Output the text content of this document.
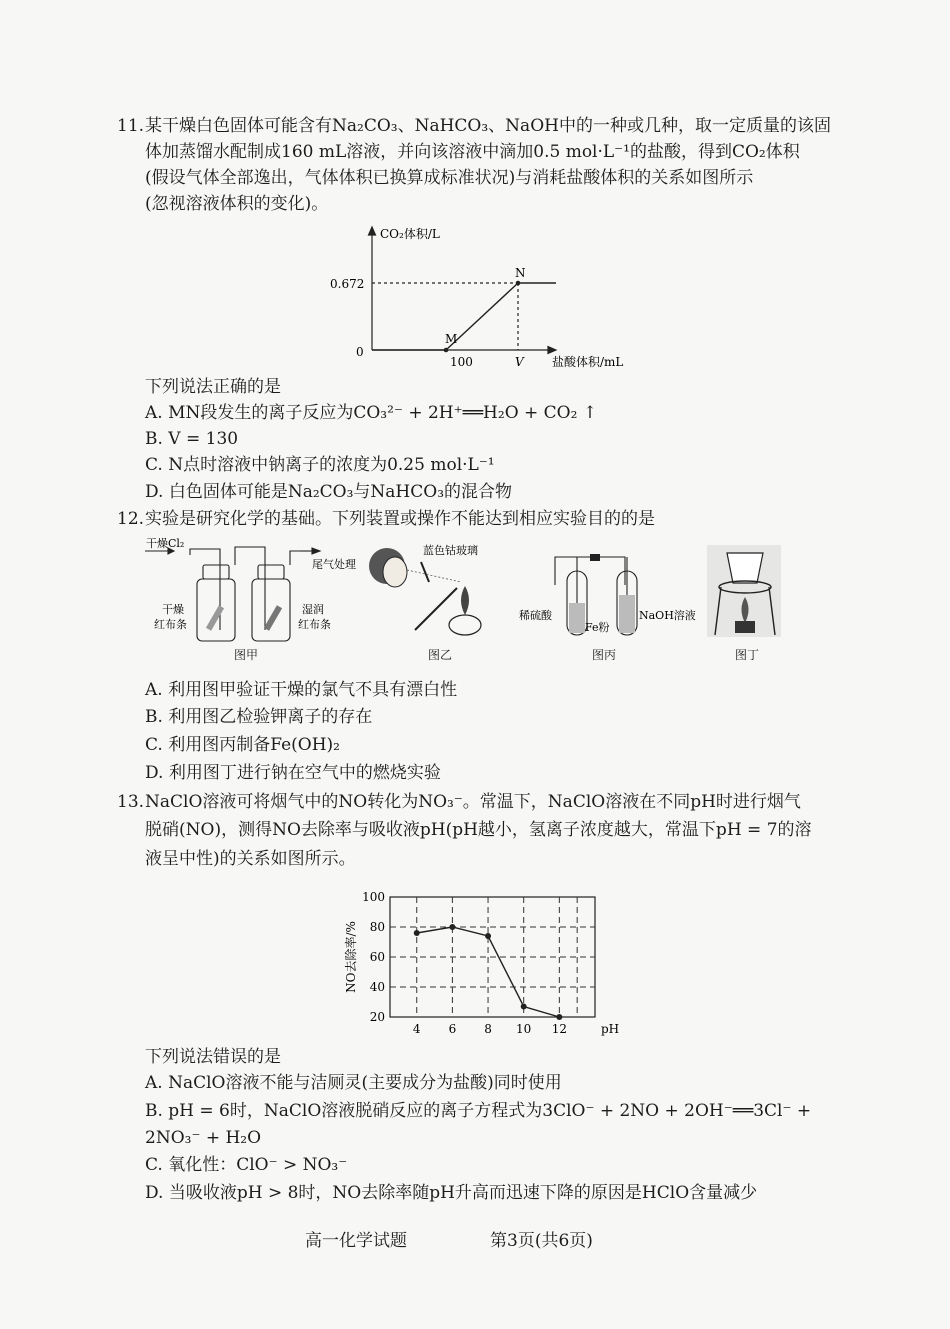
11. 某干燥白色固体可能含有Na₂CO₃、NaHCO₃、NaOH中的一种或几种，取一定质量的该固
体加蒸馏水配制成160 mL溶液，并向该溶液中滴加0.5 mol·L⁻¹的盐酸，得到CO₂体积
(假设气体全部逸出，气体体积已换算成标准状况)与消耗盐酸体积的关系如图所示
(忽视溶液体积的变化)。
CO₂体积/L
0.672
0
100	V 盐酸体积/mL
M
N
下列说法正确的是
A. MN段发生的离子反应为CO₃²⁻ + 2H⁺══H₂O + CO₂ ↑
B. V = 130
C. N点时溶液中钠离子的浓度为0.25 mol·L⁻¹
D. 白色固体可能是Na₂CO₃与NaHCO₃的混合物
12. 实验是研究化学的基础。下列装置或操作不能达到相应实验目的的是
干燥Cl₂
尾气处理
干燥
红布条
湿润
红布条
图甲
蓝色钴玻璃
图乙
稀硫酸
Fe粉
NaOH溶液
图丙	图丁
A. 利用图甲验证干燥的氯气不具有漂白性
B. 利用图乙检验钾离子的存在
C. 利用图丙制备Fe(OH)₂
D. 利用图丁进行钠在空气中的燃烧实验
13. NaClO溶液可将烟气中的NO转化为NO₃⁻。常温下，NaClO溶液在不同pH时进行烟气
脱硝(NO)，测得NO去除率与吸收液pH(pH越小，氢离子浓度越大，常温下pH = 7的溶
液呈中性)的关系如图所示。
20
40
60
80
100
4 6 8 10 12	pH
NO去除率/%
下列说法错误的是
A. NaClO溶液不能与洁厕灵(主要成分为盐酸)同时使用
B. pH = 6时，NaClO溶液脱硝反应的离子方程式为3ClO⁻ + 2NO + 2OH⁻══3Cl⁻ +
2NO₃⁻ + H₂O
C. 氧化性：ClO⁻ > NO₃⁻
D. 当吸收液pH > 8时，NO去除率随pH升高而迅速下降的原因是HClO含量减少
高一化学试题	第3页(共6页)
